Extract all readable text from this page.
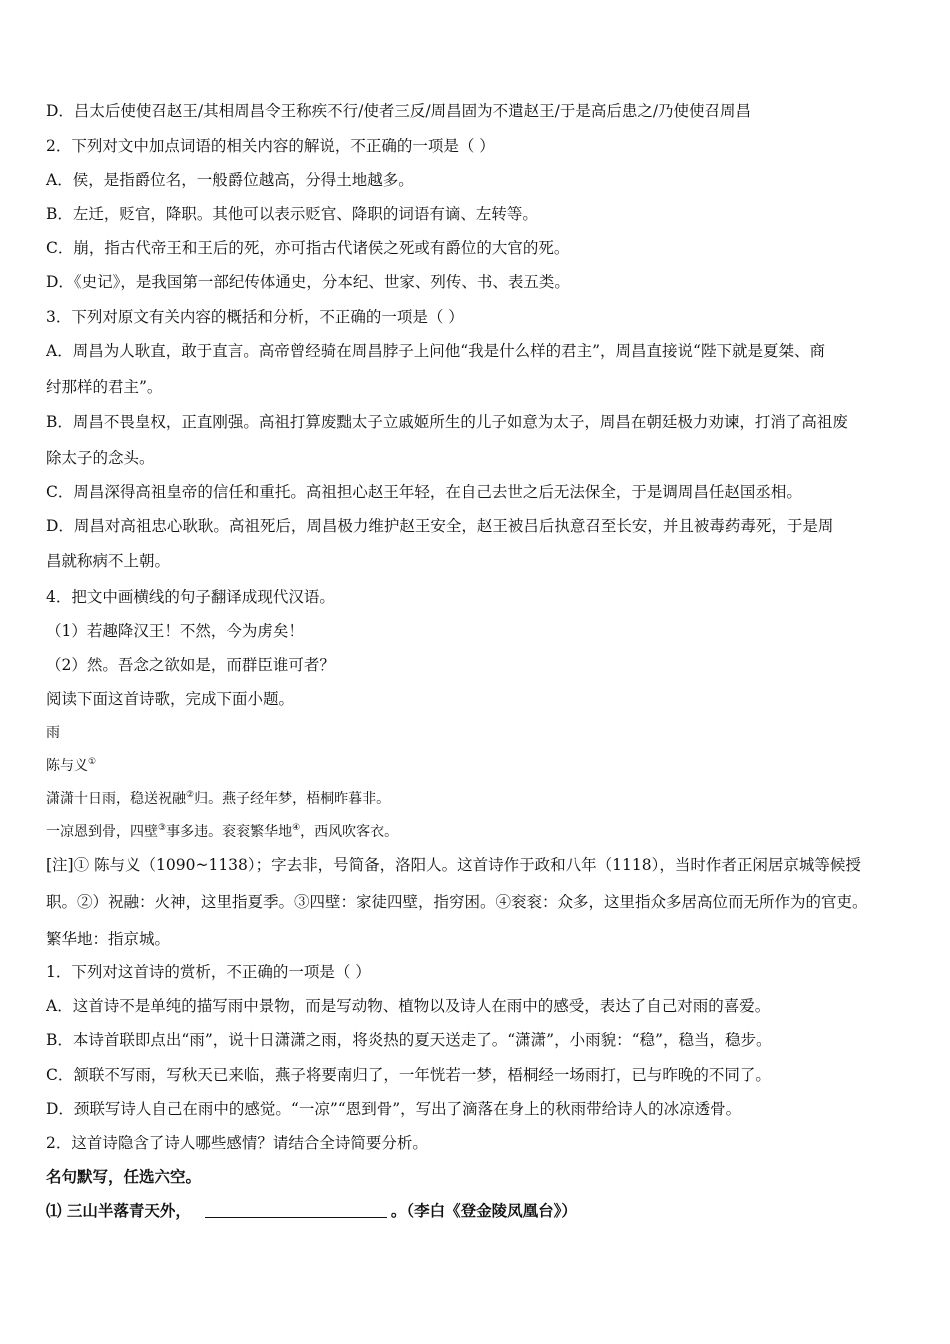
D．吕太后使使召赵王/其相周昌令王称疾不行/使者三反/周昌固为不遣赵王/于是高后患之/乃使使召周昌
2．下列对文中加点词语的相关内容的解说，不正确的一项是（ ）
A．侯，是指爵位名，一般爵位越高，分得土地越多。
B．左迁，贬官，降职。其他可以表示贬官、降职的词语有谪、左转等。
C．崩，指古代帝王和王后的死，亦可指古代诸侯之死或有爵位的大官的死。
D．《史记》，是我国第一部纪传体通史，分本纪、世家、列传、书、表五类。
3．下列对原文有关内容的概括和分析，不正确的一项是（ ）
A．周昌为人耿直，敢于直言。高帝曾经骑在周昌脖子上问他“我是什么样的君主”，周昌直接说“陛下就是夏桀、商
纣那样的君主”。
B．周昌不畏皇权，正直刚强。高祖打算废黜太子立戚姬所生的儿子如意为太子，周昌在朝廷极力劝谏，打消了高祖废
除太子的念头。
C．周昌深得高祖皇帝的信任和重托。高祖担心赵王年轻，在自己去世之后无法保全，于是调周昌任赵国丞相。
D．周昌对高祖忠心耿耿。高祖死后，周昌极力维护赵王安全，赵王被吕后执意召至长安，并且被毒药毒死，于是周
昌就称病不上朝。
4．把文中画横线的句子翻译成现代汉语。
（1）若趣降汉王！不然，今为虏矣！
（2）然。吾念之欲如是，而群臣谁可者？
阅读下面这首诗歌，完成下面小题。
雨
陈与义①
潇潇十日雨，稳送祝融②归。燕子经年梦，梧桐昨暮非。
一凉恩到骨，四壁③事多违。衮衮繁华地④，西风吹客衣。
[注]① 陈与义（1090~1138）；字去非，号简备，洛阳人。这首诗作于政和八年（1118），当时作者正闲居京城等候授
职。②）祝融：火神，这里指夏季。③四壁：家徒四壁，指穷困。④衮衮：众多，这里指众多居高位而无所作为的官吏。
繁华地：指京城。
1．下列对这首诗的赏析，不正确的一项是（ ）
A．这首诗不是单纯的描写雨中景物，而是写动物、植物以及诗人在雨中的感受，表达了自己对雨的喜爱。
B．本诗首联即点出“雨”，说十日潇潇之雨，将炎热的夏天送走了。“潇潇”，小雨貌：“稳”，稳当，稳步。
C．颔联不写雨，写秋天已来临，燕子将要南归了，一年恍若一梦，梧桐经一场雨打，已与昨晚的不同了。
D．颈联写诗人自己在雨中的感觉。“一凉”“恩到骨”，写出了滴落在身上的秋雨带给诗人的冰凉透骨。
2．这首诗隐含了诗人哪些感情？请结合全诗简要分析。
名句默写，任选六空。
⑴ 三山半落青天外，	。（李白《登金陵凤凰台》）
